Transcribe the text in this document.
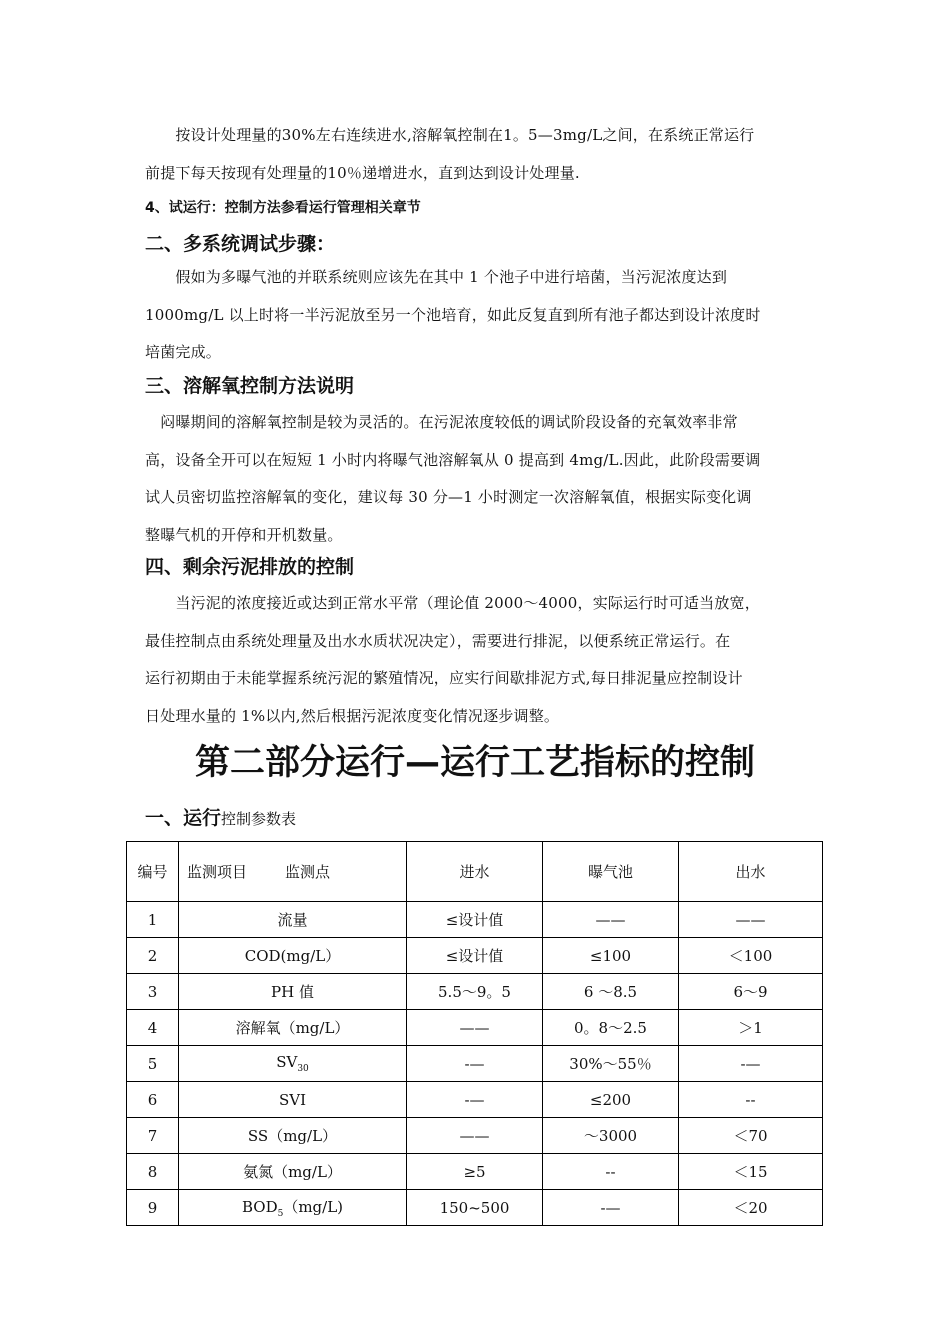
　　按设计处理量的30%左右连续进水,溶解氧控制在1。5—3mg/L之间，在系统正常运行
前提下每天按现有处理量的10％递增进水，直到达到设计处理量.
4、试运行：控制方法参看运行管理相关章节
二、多系统调试步骤：
　　假如为多曝气池的并联系统则应该先在其中 1 个池子中进行培菌，当污泥浓度达到
1000mg/L 以上时将一半污泥放至另一个池培育，如此反复直到所有池子都达到设计浓度时
培菌完成。
三、溶解氧控制方法说明
　闷曝期间的溶解氧控制是较为灵活的。在污泥浓度较低的调试阶段设备的充氧效率非常
高，设备全开可以在短短 1 小时内将曝气池溶解氧从 0 提高到 4mg/L.因此，此阶段需要调
试人员密切监控溶解氧的变化，建议每 30 分—1 小时测定一次溶解氧值，根据实际变化调
整曝气机的开停和开机数量。
四、剩余污泥排放的控制
　　当污泥的浓度接近或达到正常水平常（理论值 2000～4000，实际运行时可适当放宽，
最佳控制点由系统处理量及出水水质状况决定），需要进行排泥，以便系统正常运行。在
运行初期由于未能掌握系统污泥的繁殖情况，应实行间歇排泥方式,每日排泥量应控制设计
日处理水量的 1%以内,然后根据污泥浓度变化情况逐步调整。
第二部分运行—运行工艺指标的控制
一、运行控制参数表
编号	监测项目 监测点	进水	曝气池	出水
1	流量	≤设计值	——	——
2	COD(mg/L）	≤设计值	≤100	＜100
3	PH 值	5.5～9。5	6 ～8.5	6～9
4	溶解氧（mg/L）	——	0。8～2.5	＞1
5	$SV_{30}$	-—	30%～55％	-—
6	SVI	-—	≤200	--
7	SS（mg/L）	——	～3000	＜70
8	氨氮（mg/L）	≥5	--	＜15
9	$BOD_5(mg/L)$	150~500	-—	＜20
